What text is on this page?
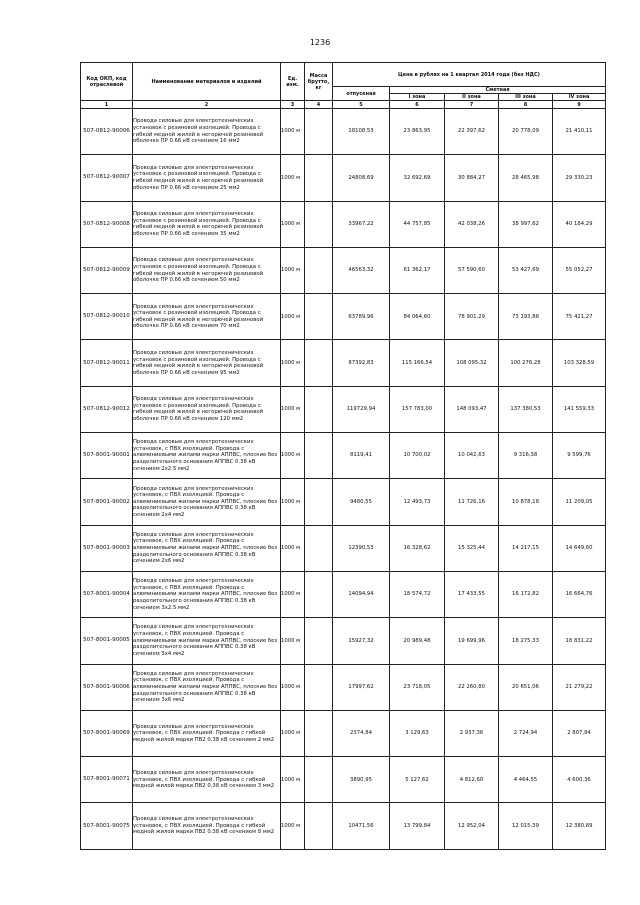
1236
Код ОКП, код отраслевой	Наименование материалов и изделий	Ед. изм.	Масса брутто, кг	Цена в рублях на 1 квартал 2014 года (без НДС)				
				отпускная	Сметная			
					I зона	II зона	III зона	IV зона
1	2	3	4	5	6	7	8	9
507-0812-90006	Провода силовые для электротехнических установок с резиновой изоляцией. Провода с гибкой медной жилой в негорючей резиновой оболочке ПР 0.66 кВ сечением 16 мм2	1000 м		18108,53	23 863,95	22 397,62	20 778,09	21 410,11
507-0812-90007	Провода силовые для электротехнических установок с резиновой изоляцией. Провода с гибкой медной жилой в негорючей резиновой оболочке ПР 0.66 кВ сечением 25 мм2	1000 м		24808,69	32 692,69	30 884,27	28 465,98	29 330,23
507-0812-90008	Провода силовые для электротехнических установок с резиновой изоляцией. Провода с гибкой медной жилой в негорючей резиновой оболочке ПР 0.66 кВ сечением 35 мм2	1000 м		33967,22	44 757,85	42 038,26	38 997,62	40 184,29
507-0812-90009	Провода силовые для электротехнических установок с резиновой изоляцией. Провода с гибкой медной жилой в негорючей резиновой оболочке ПР 0.66 кВ сечением 50 мм2	1000 м		46563,32	61 362,17	57 590,60	53 427,69	55 052,27
507-0812-90010	Провода силовые для электротехнических установок с резиновой изоляцией. Провода с гибкой медной жилой в негорючей резиновой оболочке ПР 0.66 кВ сечением 70 мм2	1000 м		63789,96	84 064,60	78 901,29	73 193,88	75 421,27
507-0812-90011	Провода силовые для электротехнических установок с резиновой изоляцией. Провода с гибкой медной жилой в негорючей резиновой оболочке ПР 0.66 кВ сечением 95 мм2	1000 м		87392,83	115 166,54	108 095,32	100 276,28	103 328,59
507-0812-90012	Провода силовые для электротехнических установок с резиновой изоляцией. Провода с гибкой медной жилой в негорючей резиновой оболочке ПР 0.66 кВ сечением 120 мм2	1000 м		119729,94	157 783,00	148 093,47	137 380,53	141 559,33
507-8001-90001	Провода силовые для электротехнических установок, с ПВХ изоляцией. Провода с алюминиевыми жилами марки АППВС, плоские без разделительного основания АППВС 0.38 кВ сечением 2х2.5 мм2	1000 м		8119,41	10 700,02	10 042,63	9 316,38	9 599,76
507-8001-90002	Провода силовые для электротехнических установок, с ПВХ изоляцией. Провода с алюминиевыми жилами марки АППВС, плоские без разделительного основания АППВС 0.38 кВ сечением 2х4 мм2	1000 м		9480,55	12 493,73	11 726,16	10 878,18	11 209,05
507-8001-90003	Провода силовые для электротехнических установок, с ПВХ изоляцией. Провода с алюминиевыми жилами марки АППВС, плоские без разделительного основания АППВС 0.38 кВ сечением 2х6 мм2	1000 м		12390,53	16 328,62	15 325,44	14 217,15	14 649,60
507-8001-90004	Провода силовые для электротехнических установок, с ПВХ изоляцией. Провода с алюминиевыми жилами марки АППВС, плоские без разделительного основания АППВС 0.38 кВ сечением 3х2.5 мм2	1000 м		14094,94	18 574,72	17 433,55	16 172,82	16 664,76
507-8001-90005	Провода силовые для электротехнических установок, с ПВХ изоляцией. Провода с алюминиевыми жилами марки АППВС, плоские без разделительного основания АППВС 0.38 кВ сечением 3х4 мм2	1000 м		15927,32	20 989,48	19 699,96	18 275,33	18 831,22
507-8001-90006	Провода силовые для электротехнических установок, с ПВХ изоляцией. Провода с алюминиевыми жилами марки АППВС, плоские без разделительного основания АППВС 0.38 кВ сечением 3х6 мм2	1000 м		17997,62	23 718,05	22 260,80	20 651,06	21 279,22
507-8001-90069	Провода силовые для электротехнических установок, с ПВХ изоляцией. Провода с гибкой медной жилой марки ПВ2 0.38 кВ сечением 2 мм2	1000 м		2374,84	3 129,63	2 937,36	2 724,94	2 807,84
507-8001-90071	Провода силовые для электротехнических установок, с ПВХ изоляцией. Провода с гибкой медной жилой марки ПВ2 0.38 кВ сечением 3 мм2	1000 м		3890,95	5 127,62	4 812,60	4 464,55	4 600,36
507-8001-90075	Провода силовые для электротехнических установок, с ПВХ изоляцией. Провода с гибкой медной жилой марки ПВ2 0.38 кВ сечением 8 мм2	1000 м		10471,56	13 799,84	12 952,04	12 015,39	12 380,89
